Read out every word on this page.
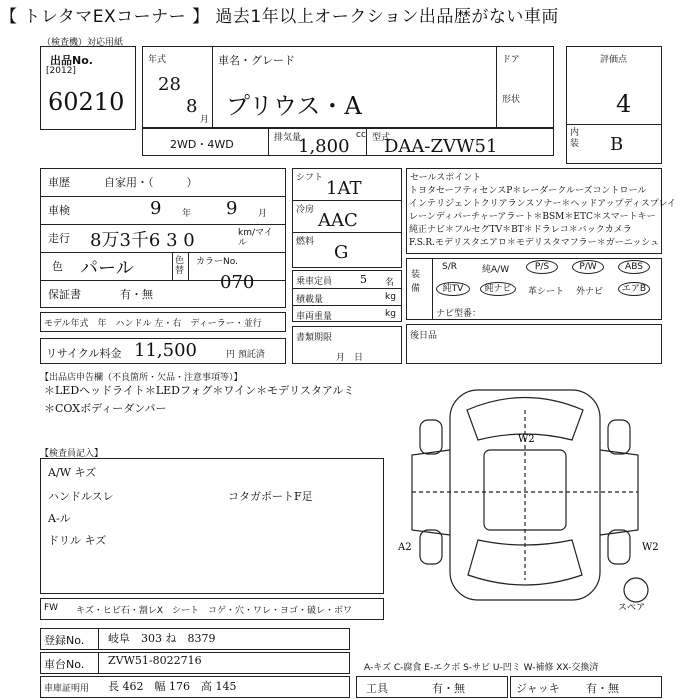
【 トレタマEXコーナー 】 過去1年以上オークション出品歴がない車両
（検査機）対応用紙
出品No.
[2012]
60210
年式
28
8
月
車名・グレード
プリウス・A
ドア
形状
2WD・4WD	排気量	cc
1,800 型式
DAA-ZVW51
評価点
4
内装 B
車歴	自家用・（　　　）
車検	9 年 9 月
走行 8万3千6 3 0	km/マイル
色 パール	色替
カラーNo.
070
保証書	有・無
モデル年式　年　ハンドル 左・右　ディーラー・並行
リサイクル料金 11,500	円 預託済
シフト 1AT
冷房 AAC
燃料 G
乗車定員	5 名
積載量	kg
車両重量	kg
書類期限
月　日
セールスポイント
トヨタセーフティセンスP＊レーダークルーズコントロール
インテリジェントクリアランスソナー＊ヘッドアップディスプレイ
レーンディパーチャーアラート＊BSM＊ETC＊スマートキー
純正ナビ＊フルセグTV＊BT＊ドラレコ＊バックカメラ
F.S.R.モデリスタエアロ＊モデリスタマフラー＊ガーニッシュ
装備
S/R	純A/W	P/S	P/W	ABS
純TV	純ナビ	革シート 外ナビ	エアB
ナビ型番：
後日品
【出品店申告欄（不良箇所・欠品・注意事項等）】
＊LEDヘッドライト＊LEDフォグ＊ワイン＊モデリスタアルミ
＊COXボディーダンパー
【検査員記入】
A/W キズ
ハンドルスレ
A-ル
ドリル キズ
コタガポートF足
W2
A2	W2
スペア
FW キズ・ヒビ石・割レX　シート　コゲ・穴・ワレ・ヨゴ・破レ・ボワ
登録No. 岐阜　303 ね　8379
車台No. ZVW51-8022716
A-キズ C-腐食 E-エクボ S-サビ U-凹ミ W-補修 XX-交換済
車庫証明用 長 462　幅 176　高 145	工具	有・無	ジャッキ 有・無
